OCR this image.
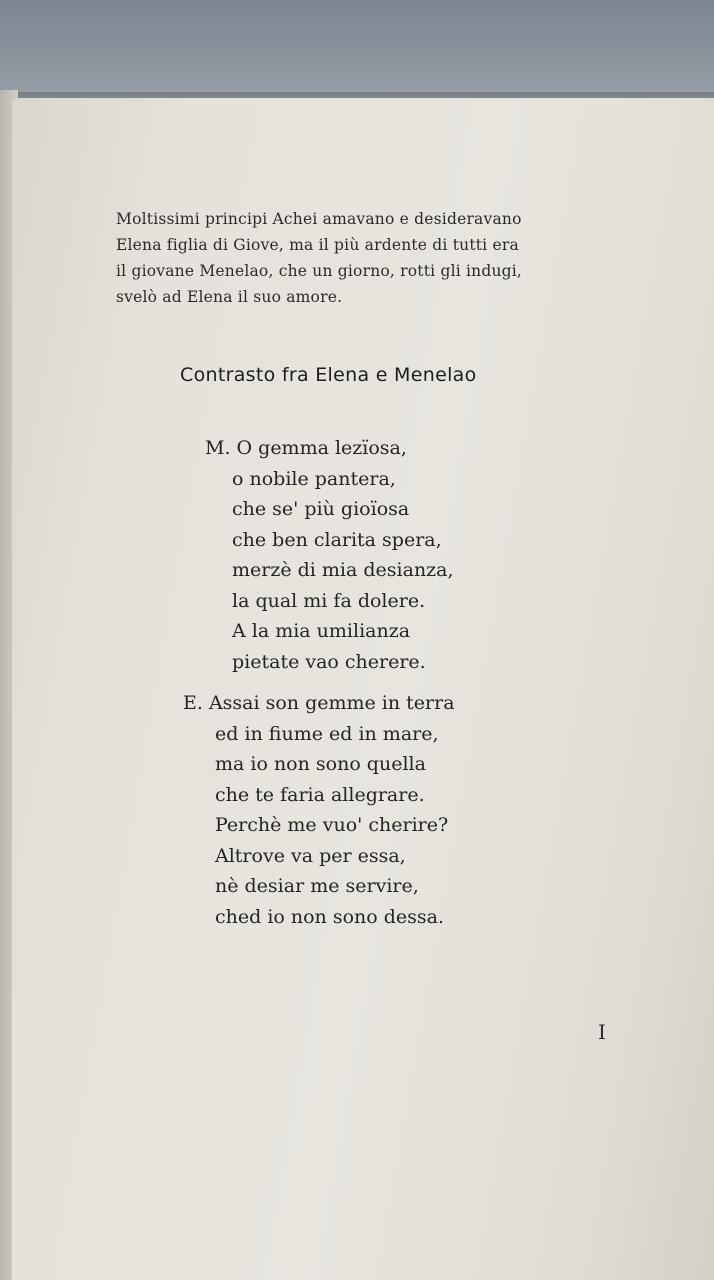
Moltissimi principi Achei amavano e desideravano
Elena figlia di Giove, ma il più ardente di tutti era
il giovane Menelao, che un giorno, rotti gli indugi,
svelò ad Elena il suo amore.
Contrasto fra Elena e Menelao
M. O gemma lezïosa,
o nobile pantera,
che se' più gioïosa
che ben clarita spera,
merzè di mia desianza,
la qual mi fa dolere.
A la mia umilianza
pietate vao cherere.
E. Assai son gemme in terra
ed in fiume ed in mare,
ma io non sono quella
che te faria allegrare.
Perchè me vuo' cherire?
Altrove va per essa,
nè desiar me servire,
ched io non sono dessa.
I
